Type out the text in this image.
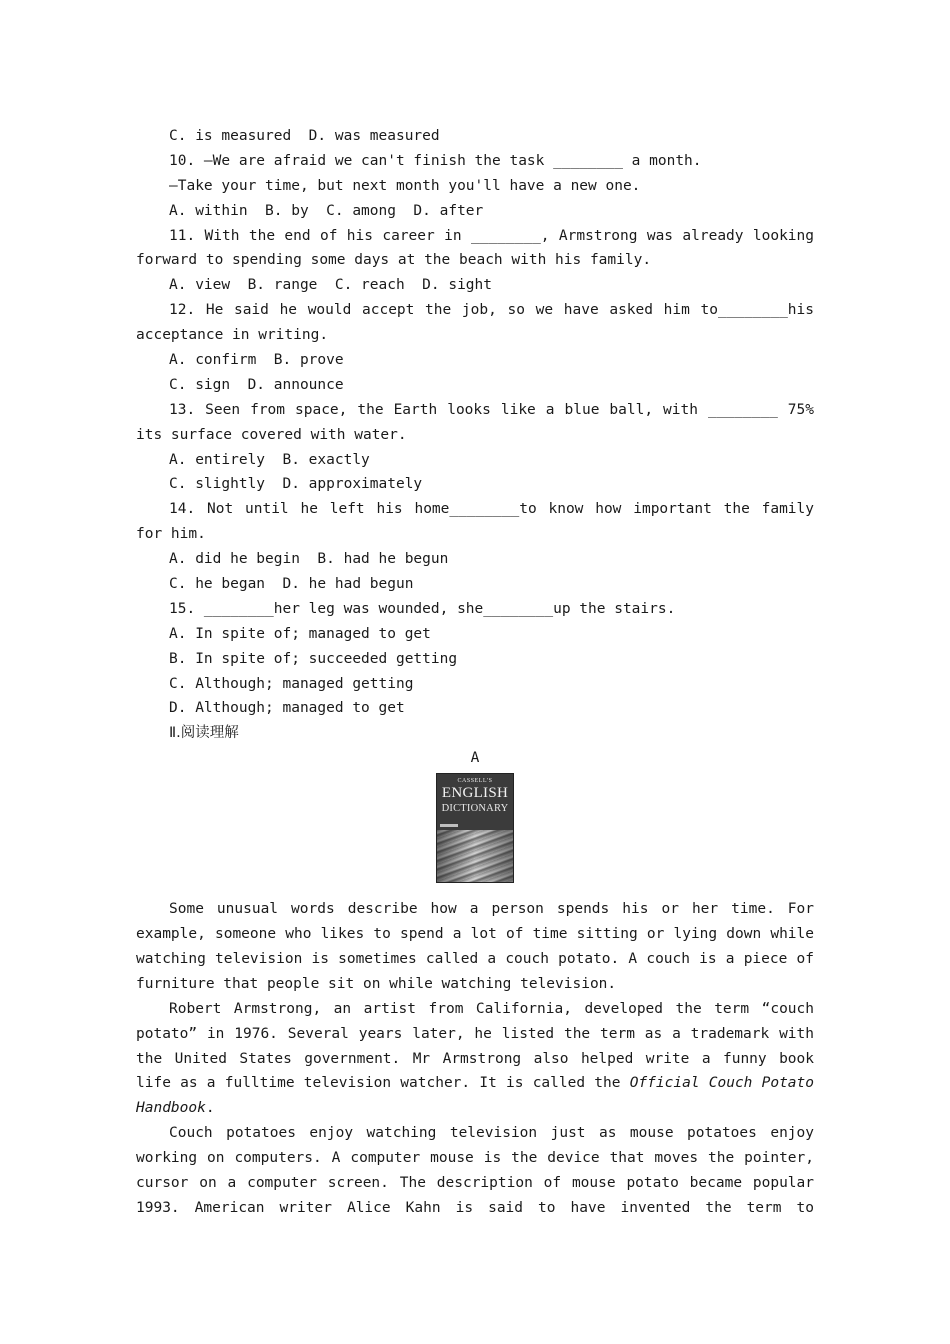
C. is measured  D. was measured
10. —We are afraid we can't finish the task ________ a month.
—Take your time, but next month you'll have a new one.
A. within  B. by  C. among  D. after
11. With the end of his career in ________, Armstrong was already looking
forward to spending some days at the beach with his family.
A. view  B. range  C. reach  D. sight
12. He said he would accept the job, so we have asked him to________his
acceptance in writing.
A. confirm  B. prove
C. sign  D. announce
13. Seen from space, the Earth looks like a blue ball, with ________ 75%
its surface covered with water.
A. entirely  B. exactly
C. slightly  D. approximately
14. Not until he left his home________to know how important the family
for him.
A. did he begin  B. had he begun
C. he began  D. he had begun
15. ________her leg was wounded, she________up the stairs.
A. In spite of; managed to get
B. In spite of; succeeded getting
C. Although; managed getting
D. Although; managed to get
Ⅱ.阅读理解
A
CASSELL'S
ENGLISH
DICTIONARY
Some unusual words describe how a person spends his or her time. For
example, someone who likes to spend a lot of time sitting or lying down while
watching television is sometimes called a couch potato. A couch is a piece of
furniture that people sit on while watching television.
Robert Armstrong, an artist from California, developed the term “couch
potato” in 1976. Several years later, he listed the term as a trademark with
the United States government. Mr Armstrong also helped write a funny book
life as a fulltime television watcher. It is called the Official Couch Potato
Handbook.
Couch potatoes enjoy watching television just as mouse potatoes enjoy
working on computers. A computer mouse is the device that moves the pointer,
cursor on a computer screen. The description of mouse potato became popular
1993. American writer Alice Kahn is said to have invented the term to
